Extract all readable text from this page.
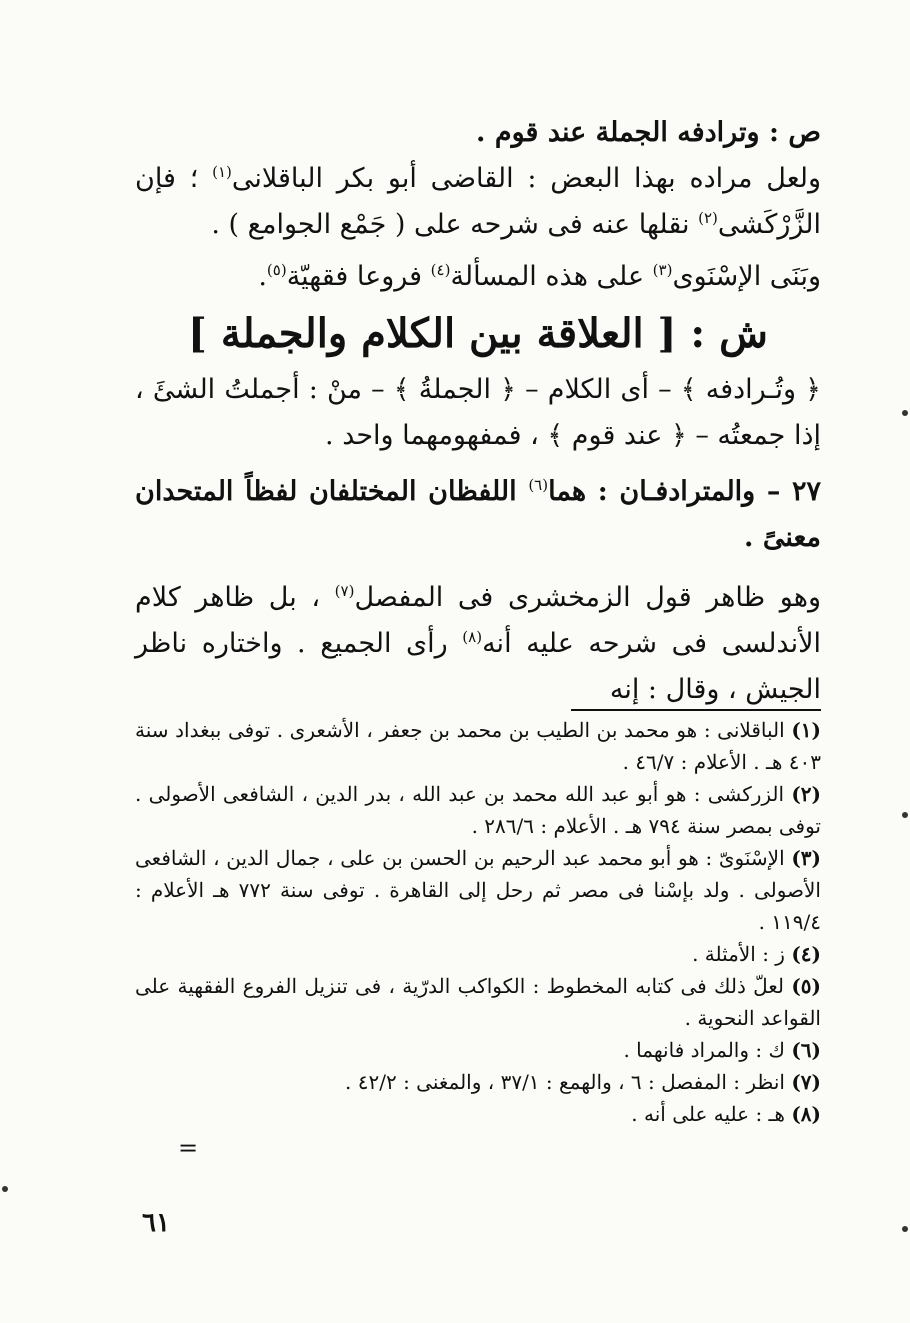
ص : وترادفه الجملة عند قوم .

ولعل مراده بهذا البعض : القاضى أبو بكر الباقلانى$^{(١)}$ ؛ فإن الزَّرْكَشى$^{(٢)}$ نقلها عنه فى شرحه على ( جَمْع الجوامع ) .

وبَنَى الإسْنَوى$^{(٣)}$ على هذه المسألة$^{(٤)}$ فروعا فقهيّة$^{(٥)}$.

ش : [ العلاقة بين الكلام والجملة ]

﴿ وتُـرادفه ﴾ – أى الكلام – ﴿ الجملةُ ﴾ – منْ : أجملتُ الشئَ ، إذا جمعتُه – ﴿ عند قوم ﴾ ، فمفهومهما واحد .

٢٧ – والمترادفـان : هما$^{(٦)}$ اللفظان المختلفان لفظاً المتحدان معنىً .

وهو ظاهر قول الزمخشرى فى المفصل$^{(٧)}$ ، بل ظاهر كلام الأندلسى فى شرحه عليه أنه$^{(٨)}$ رأى الجميع . واختاره ناظر الجيش ، وقال : إنه

(١) الباقلانى : هو محمد بن الطيب بن محمد بن جعفر ، الأشعرى . توفى ببغداد سنة ٤٠٣ هـ . الأعلام : ٤٦/٧ .

(٢) الزركشى : هو أبو عبد الله محمد بن عبد الله ، بدر الدين ، الشافعى الأصولى . توفى بمصر سنة ٧٩٤ هـ . الأعلام : ٢٨٦/٦ .

(٣) الإسْنَوىّ : هو أبو محمد عبد الرحيم بن الحسن بن على ، جمال الدين ، الشافعى الأصولى . ولد بإسْنا فى مصر ثم رحل إلى القاهرة . توفى سنة ٧٧٢ هـ الأعلام : ١١٩/٤ .

(٤) ز : الأمثلة .

(٥) لعلّ ذلك فى كتابه المخطوط : الكواكب الدرّية ، فى تنزيل الفروع الفقهية على القواعد النحوية .

(٦) ك : والمراد فانهما .

(٧) انظر : المفصل : ٦ ، والهمع : ٣٧/١ ، والمغنى : ٤٢/٢ .

(٨) هـ : عليه على أنه .

=
٦١
